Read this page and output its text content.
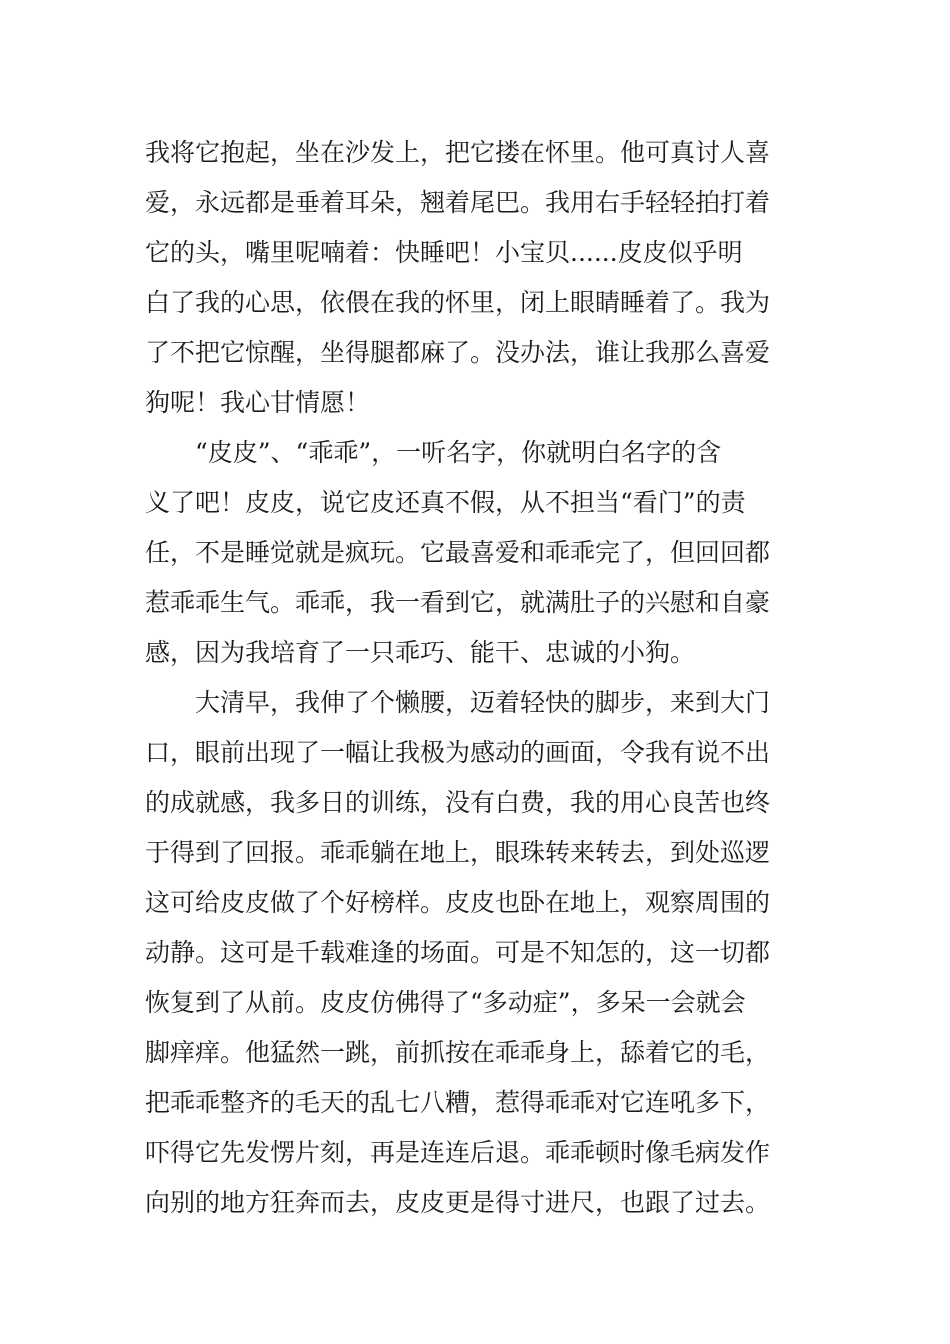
我将它抱起，坐在沙发上，把它搂在怀里。他可真讨人喜
爱，永远都是垂着耳朵，翘着尾巴。我用右手轻轻拍打着
它的头，嘴里呢喃着：快睡吧！小宝贝......皮皮似乎明
白了我的心思，依偎在我的怀里，闭上眼睛睡着了。我为
了不把它惊醒，坐得腿都麻了。没办法，谁让我那么喜爱
狗呢！我心甘情愿！
　　“皮皮”、“乖乖”，一听名字，你就明白名字的含
义了吧！皮皮，说它皮还真不假，从不担当“看门”的责
任，不是睡觉就是疯玩。它最喜爱和乖乖完了，但回回都
惹乖乖生气。乖乖，我一看到它，就满肚子的兴慰和自豪
感，因为我培育了一只乖巧、能干、忠诚的小狗。
　　大清早，我伸了个懒腰，迈着轻快的脚步，来到大门
口，眼前出现了一幅让我极为感动的画面，令我有说不出
的成就感，我多日的训练，没有白费，我的用心良苦也终
于得到了回报。乖乖躺在地上，眼珠转来转去，到处巡逻
这可给皮皮做了个好榜样。皮皮也卧在地上，观察周围的
动静。这可是千载难逢的场面。可是不知怎的，这一切都
恢复到了从前。皮皮仿佛得了“多动症”，多呆一会就会
脚痒痒。他猛然一跳，前抓按在乖乖身上，舔着它的毛，
把乖乖整齐的毛天的乱七八糟，惹得乖乖对它连吼多下，
吓得它先发愣片刻，再是连连后退。乖乖顿时像毛病发作
向别的地方狂奔而去，皮皮更是得寸进尺，也跟了过去。
